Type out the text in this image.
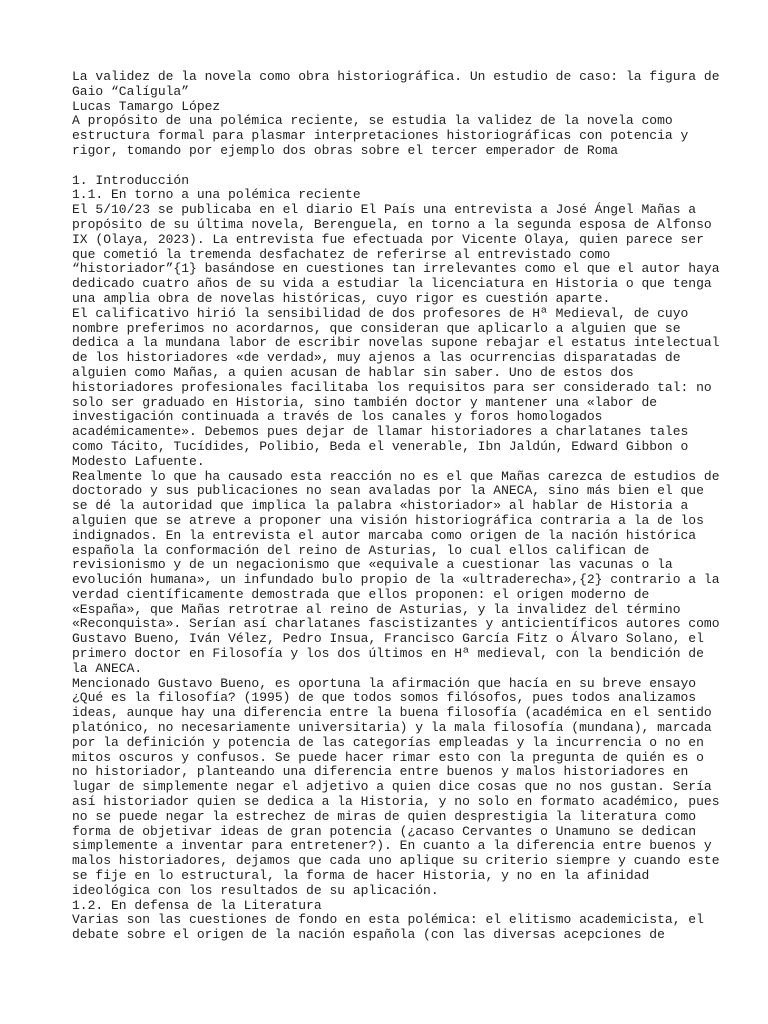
La validez de la novela como obra historiográfica. Un estudio de caso: la figura de
Gaio “Calígula”
Lucas Tamargo López
A propósito de una polémica reciente, se estudia la validez de la novela como
estructura formal para plasmar interpretaciones historiográficas con potencia y
rigor, tomando por ejemplo dos obras sobre el tercer emperador de Roma
1. Introducción
1.1. En torno a una polémica reciente
El 5/10/23 se publicaba en el diario El País una entrevista a José Ángel Mañas a
propósito de su última novela, Berenguela, en torno a la segunda esposa de Alfonso
IX (Olaya, 2023). La entrevista fue efectuada por Vicente Olaya, quien parece ser
que cometió la tremenda desfachatez de referirse al entrevistado como
“historiador”{1} basándose en cuestiones tan irrelevantes como el que el autor haya
dedicado cuatro años de su vida a estudiar la licenciatura en Historia o que tenga
una amplia obra de novelas históricas, cuyo rigor es cuestión aparte.
El calificativo hirió la sensibilidad de dos profesores de Hª Medieval, de cuyo
nombre preferimos no acordarnos, que consideran que aplicarlo a alguien que se
dedica a la mundana labor de escribir novelas supone rebajar el estatus intelectual
de los historiadores «de verdad», muy ajenos a las ocurrencias disparatadas de
alguien como Mañas, a quien acusan de hablar sin saber. Uno de estos dos
historiadores profesionales facilitaba los requisitos para ser considerado tal: no
solo ser graduado en Historia, sino también doctor y mantener una «labor de
investigación continuada a través de los canales y foros homologados
académicamente». Debemos pues dejar de llamar historiadores a charlatanes tales
como Tácito, Tucídides, Polibio, Beda el venerable, Ibn Jaldún, Edward Gibbon o
Modesto Lafuente.
Realmente lo que ha causado esta reacción no es el que Mañas carezca de estudios de
doctorado y sus publicaciones no sean avaladas por la ANECA, sino más bien el que
se dé la autoridad que implica la palabra «historiador» al hablar de Historia a
alguien que se atreve a proponer una visión historiográfica contraria a la de los
indignados. En la entrevista el autor marcaba como origen de la nación histórica
española la conformación del reino de Asturias, lo cual ellos califican de
revisionismo y de un negacionismo que «equivale a cuestionar las vacunas o la
evolución humana», un infundado bulo propio de la «ultraderecha»,{2} contrario a la
verdad científicamente demostrada que ellos proponen: el origen moderno de
«España», que Mañas retrotrae al reino de Asturias, y la invalidez del término
«Reconquista». Serían así charlatanes fascistizantes y anticientíficos autores como
Gustavo Bueno, Iván Vélez, Pedro Insua, Francisco García Fitz o Álvaro Solano, el
primero doctor en Filosofía y los dos últimos en Hª medieval, con la bendición de
la ANECA.
Mencionado Gustavo Bueno, es oportuna la afirmación que hacía en su breve ensayo
¿Qué es la filosofía? (1995) de que todos somos filósofos, pues todos analizamos
ideas, aunque hay una diferencia entre la buena filosofía (académica en el sentido
platónico, no necesariamente universitaria) y la mala filosofía (mundana), marcada
por la definición y potencia de las categorías empleadas y la incurrencia o no en
mitos oscuros y confusos. Se puede hacer rimar esto con la pregunta de quién es o
no historiador, planteando una diferencia entre buenos y malos historiadores en
lugar de simplemente negar el adjetivo a quien dice cosas que no nos gustan. Sería
así historiador quien se dedica a la Historia, y no solo en formato académico, pues
no se puede negar la estrechez de miras de quien desprestigia la literatura como
forma de objetivar ideas de gran potencia (¿acaso Cervantes o Unamuno se dedican
simplemente a inventar para entretener?). En cuanto a la diferencia entre buenos y
malos historiadores, dejamos que cada uno aplique su criterio siempre y cuando este
se fije en lo estructural, la forma de hacer Historia, y no en la afinidad
ideológica con los resultados de su aplicación.
1.2. En defensa de la Literatura
Varias son las cuestiones de fondo en esta polémica: el elitismo academicista, el
debate sobre el origen de la nación española (con las diversas acepciones de
